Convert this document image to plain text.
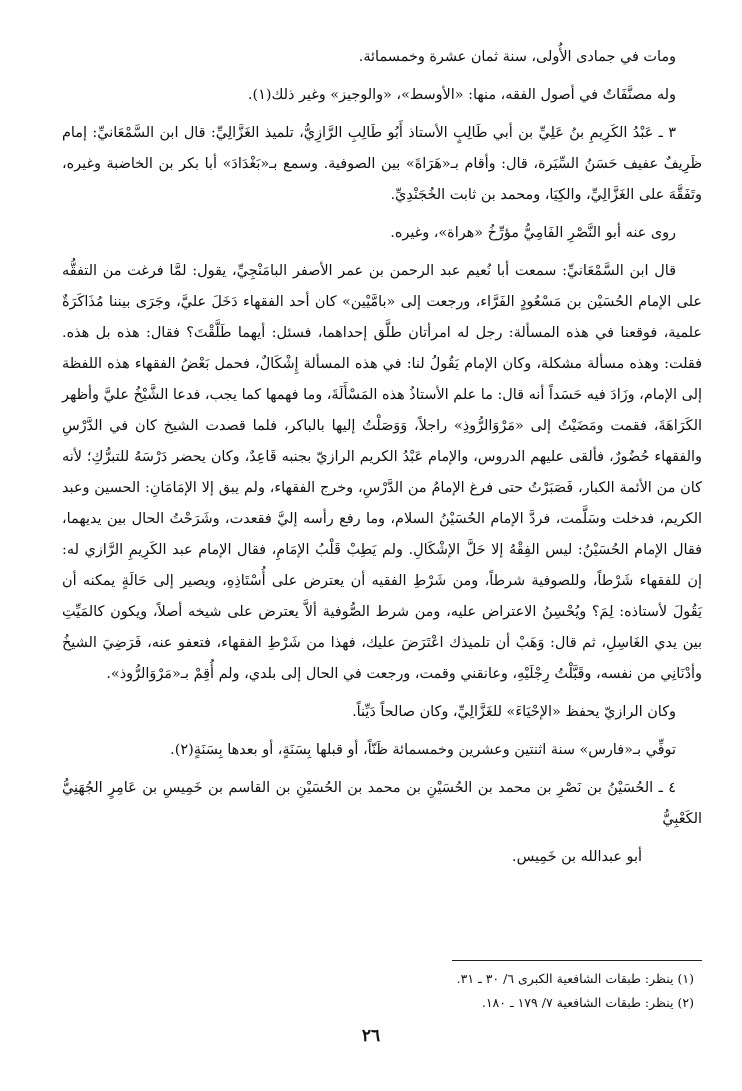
ومات في جمادى الأُولى، سنة ثمان عشرة وخمسمائة.

وله مصنَّفَاتٌ في أصول الفقه، منها: «الأوسط»، «والوجيز» وغير ذلك(١).

٣ ـ عَبْدُ الكَرِيمِ بنُ عَلِيِّ بن أبي طَالِبٍ الأستاذ أَبُو طَالِبِ الرَّازِيُّ، تلميذ الغَزَّالِيِّ: قال ابن السَّمْعَانيِّ: إمام ظَرِيفٌ عفيف حَسَنُ السِّيَرة، قال: وأقام بـ«هَرَاةَ» بين الصوفية. وسمع بـ«بَغْدَادَ» أبا بكر بن الخاضبة وغيره، وتَفَقَّهَ على الغَزَّالِيِّ، والكِيَا، ومحمد بن ثابت الخُجَنْدِيِّ.

روى عنه أبو النَّصْرِ الفَامِيُّ مؤرِّخُ «هراة»، وغيره.

قال ابن السَّمْعَانيِّ: سمعت أبا نُعيم عبد الرحمن بن عمر الأصفر البامَنْجِيِّ، يقول: لمَّا فرغت من التفقُّه على الإمام الحُسَيْن بن مَسْعُودٍ الفَرَّاء، ورجعت إلى «بامَّيْين» كان أحد الفقهاء دَخَلَ عليَّ، وجَرَى بيننا مُذَاكَرَةٌ علمية، فوقعنا في هذه المسألة: رجل له امرأتان طلَّق إحداهما، فسئل: أيهما طَلَّقْتَ؟ فقال: هذه بل هذه. فقلت: وهذه مسألة مشكلة، وكان الإمام يَقُولُ لنا: في هذه المسألة إِشْكَالٌ، فحمل بَعْضُ الفقهاء هذه اللفظة إلى الإمام، وزَادَ فيه حَسَداً أنه قال: ما علم الأستاذُ هذه المَسْأَلَةَ، وما فهمها كما يجب، فدعا الشَّيْخُ عليَّ وأظهر الكَرَاهَةَ، فقمت ومَضَيْتُ إلى «مَرْوَالرُّوذِ» راجلاً، وَوَصَلْتُ إليها بالباكر، فلما قصدت الشيخ كان في الدَّرْسِ والفقهاء حُضُورٌ، فألقى عليهم الدروس، والإمام عَبْدُ الكريم الرازيّ بجنبه قَاعِدٌ، وكان يحضر دَرْسَهُ للتبرُّكِ؛ لأنه كان من الأئمة الكبار، فَصَبَرْتُ حتى فرغ الإمامُ من الدَّرْسِ، وخرج الفقهاء، ولم يبق إلا الإمَامَانِ: الحسين وعبد الكريم، فدخلت وسَلَّمت، فردَّ الإمام الحُسَيْنُ السلام، وما رفع رأسه إليَّ فقعدت، وشَرَحْتُ الحال بين يديهما، فقال الإمام الحُسَيْنُ: ليس الفِقْهُ إلا حَلَّ الإشْكَالِ. ولم يَطِبْ قَلْبُ الإمَامِ، فقال الإمام عبد الكَرِيمِ الرَّازي له: إن للفقهاء شَرْطاً، وللصوفية شرطاً، ومن شَرْطِ الفقيه أن يعترض على أُسْتَاذِهِ، ويصير إلى حَالَةٍ يمكنه أن يَقُولَ لأستاذه: لِمَ؟ ويُحْسِنُ الاعتراض عليه، ومن شرط الصُّوفية ألاَّ يعترض على شيخه أصلاً، ويكون كالمَيِّتِ بين يدي الغَاسِلِ، ثم قال: وَهَبْ أن تلميذك اعْتَرَضَ عليك، فهذا من شَرْطِ الفقهاء، فتعفو عنه، فَرَضِيَ الشيخُ وأدْنَانِي من نفسه، وقَبَّلْتُ رِجْلَيْهِ، وعانقني وقمت، ورجعت في الحال إلى بلدي، ولم أُقِمْ بـ«مَرْوَالرُّوذ».

وكان الرازيّ يحفظ «الإحْيَاءَ» للغَزَّالِيِّ، وكان صالحاً دَيِّناً.

توفِّي بـ«فارس» سنة اثنتين وعشرين وخمسمائة ظَنّاً، أو قبلها بِسَنَةٍ، أو بعدها بِسَنَةٍ(٢).

٤ ـ الحُسَيْنُ بن نَصْرِ بن محمد بن الحُسَيْنِ بن محمد بن الحُسَيْنِ بن القاسم بن خَمِيسِ بن عَامِرٍ الجُهَنِيُّ الكَعْبِيُّ

أبو عبدالله بن خَمِيس.

(١) ينظر: طبقات الشافعية الكبرى ٦/ ٣٠ ـ ٣١.

(٢) ينظر: طبقات الشافعية ٧/ ١٧٩ ـ ١٨٠.

٢٦
